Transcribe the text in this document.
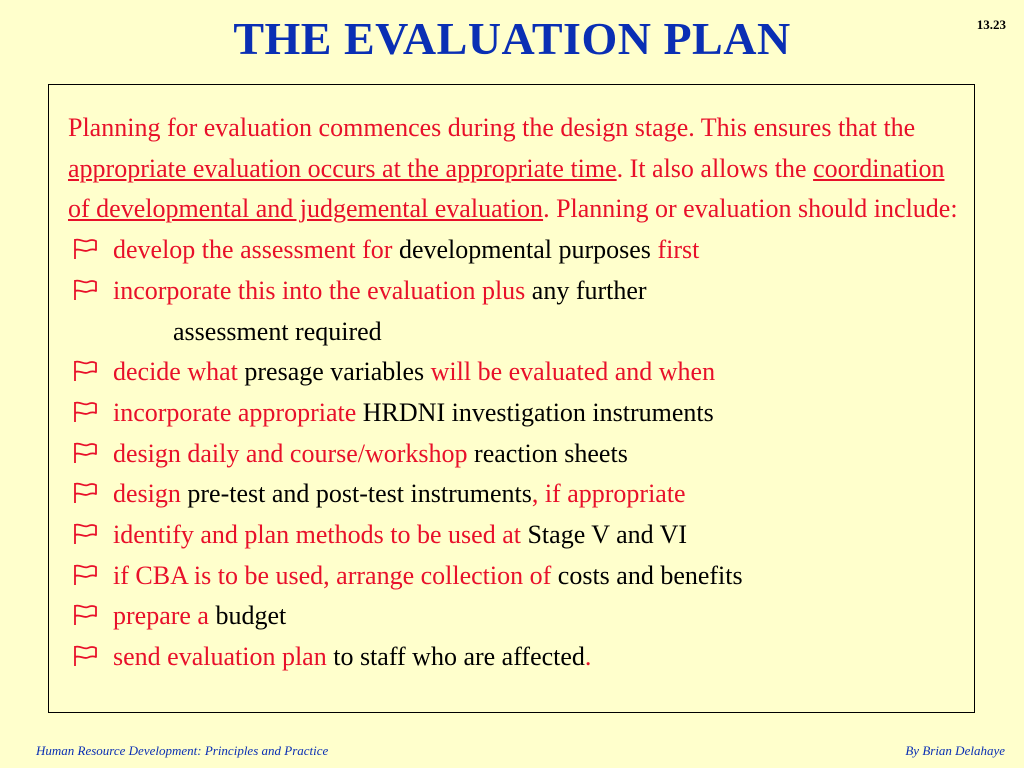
THE EVALUATION PLAN	13.23

Planning for evaluation commences during the design stage. This ensures that the appropriate evaluation occurs at the appropriate time. It also allows the coordination of developmental and judgemental evaluation. Planning or evaluation should include:

develop the assessment for developmental purposes first
incorporate this into the evaluation plus any further
assessment required
decide what presage variables will be evaluated and when
incorporate appropriate HRDNI investigation instruments
design daily and course/workshop reaction sheets
design pre-test and post-test instruments, if appropriate
identify and plan methods to be used at Stage V and VI
if CBA is to be used, arrange collection of costs and benefits
prepare a budget
send evaluation plan to staff who are affected.
Human Resource Development: Principles and Practice	By Brian Delahaye
